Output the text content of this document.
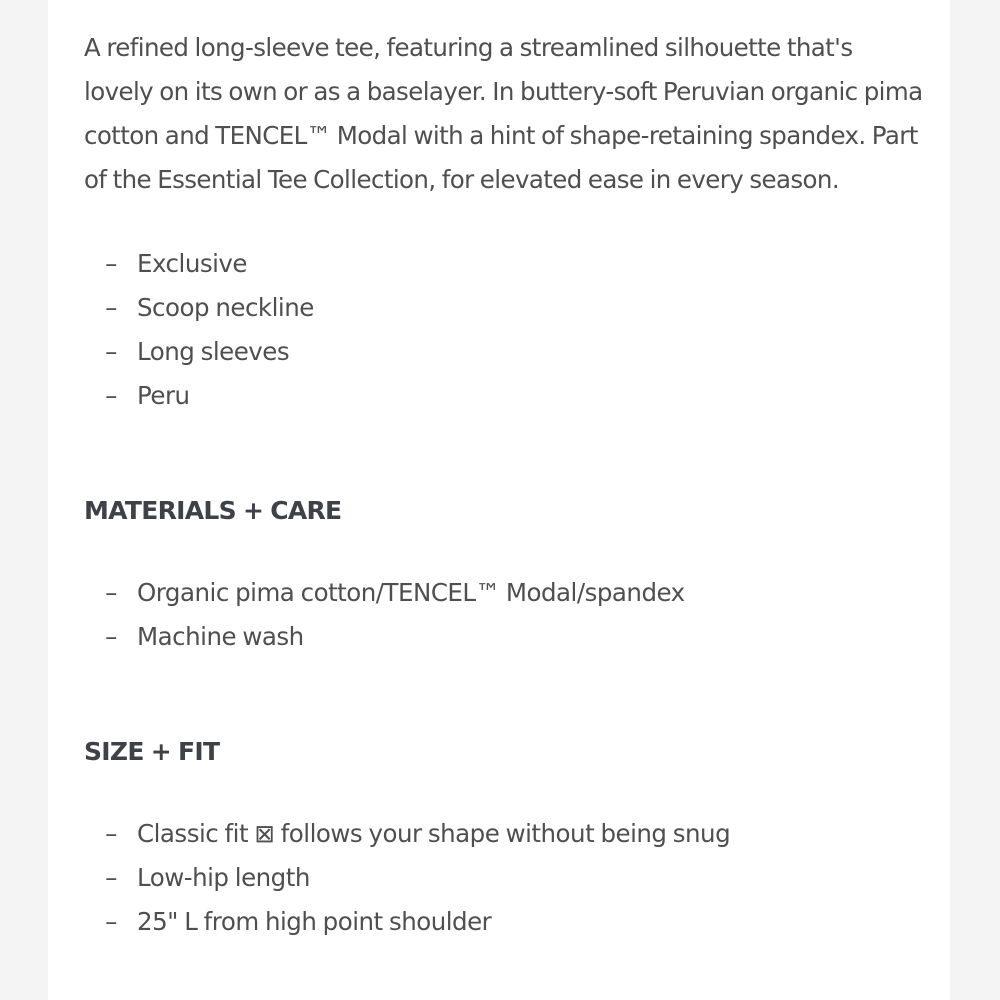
A refined long-sleeve tee, featuring a streamlined silhouette that's lovely on its own or as a baselayer. In buttery-soft Peruvian organic pima cotton and TENCEL™ Modal with a hint of shape-retaining spandex. Part of the Essential Tee Collection, for elevated ease in every season.

– Exclusive
– Scoop neckline
– Long sleeves
– Peru
MATERIALS + CARE
– Organic pima cotton/TENCEL™ Modal/spandex
– Machine wash
SIZE + FIT
– Classic fit ⊠ follows your shape without being snug
– Low-hip length
– 25" L from high point shoulder
